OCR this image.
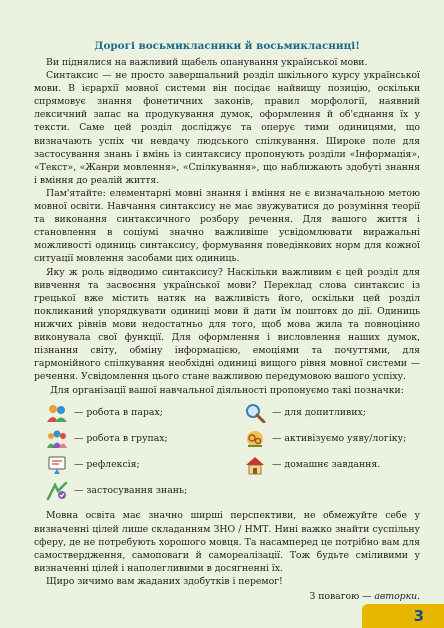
Дорогі восьмикласники й восьмикласниці!

Ви піднялися на важливий щабель опанування української мови.

Синтаксис — не просто завершальний розділ шкільного курсу української мови. В ієрархії мовної системи він посідає найвищу позицію, оскільки спрямовує знання фонетичних законів, правил морфології, наявний лексичний запас на продукування думок, оформлення й об'єднання їх у тексти. Саме цей розділ досліджує та оперує тими одиницями, що визначають успіх чи невдачу людського спілкування. Широке поле для застосування знань і вмінь із синтаксису пропонують розділи «Інформація», «Текст», «Жанри мовлення», «Спілкування», що наближають здобуті знання і вміння до реалій життя.

Пам'ятайте: елементарні мовні знання і вміння не є визначальною метою мовної освіти. Навчання синтаксису не має звужуватися до розуміння теорії та виконання синтаксичного розбору речення. Для вашого життя і становлення в соціумі значно важливіше усвідомлювати виражальні можливості одиниць синтаксису, формування поведінкових норм для кожної ситуації мовлення засобами цих одиниць.

Яку ж роль відводимо синтаксису? Наскільки важливим є цей розділ для вивчення та засвоєння української мови? Переклад слова синтаксис із грецької вже містить натяк на важливість його, оскільки цей розділ покликаний упорядкувати одиниці мови й дати їм поштовх до дії. Одиниць нижчих рівнів мови недостатньо для того, щоб мова жила та повноцінно виконувала свої функції. Для оформлення і висловлення наших думок, пізнання світу, обміну інформацією, емоціями та почуттями, для гармонійного спілкування необхідні одиниці вищого рівня мовної системи — речення. Усвідомлення цього стане важливою передумовою вашого успіху.

Для організації вашої навчальної діяльності пропонуємо такі позначки:

— робота в парах;	— для допитливих;
— робота в групах;	— активізуємо уяву/логіку;
— рефлексія;	— домашнє завдання.
— застосування знань;

Мовна освіта має значно ширші перспективи, не обмежуйте себе у визначенні цілей лише складанням ЗНО / НМТ. Нині важко знайти суспільну сферу, де не потребують хорошого мовця. Та насамперед це потрібно вам для самоствердження, самоповаги й самореалізації. Тож будьте сміливими у визначенні цілей і наполегливими в досягненні їх.

Щиро зичимо вам жаданих здобутків і перемог!

З повагою — авторки.

3
